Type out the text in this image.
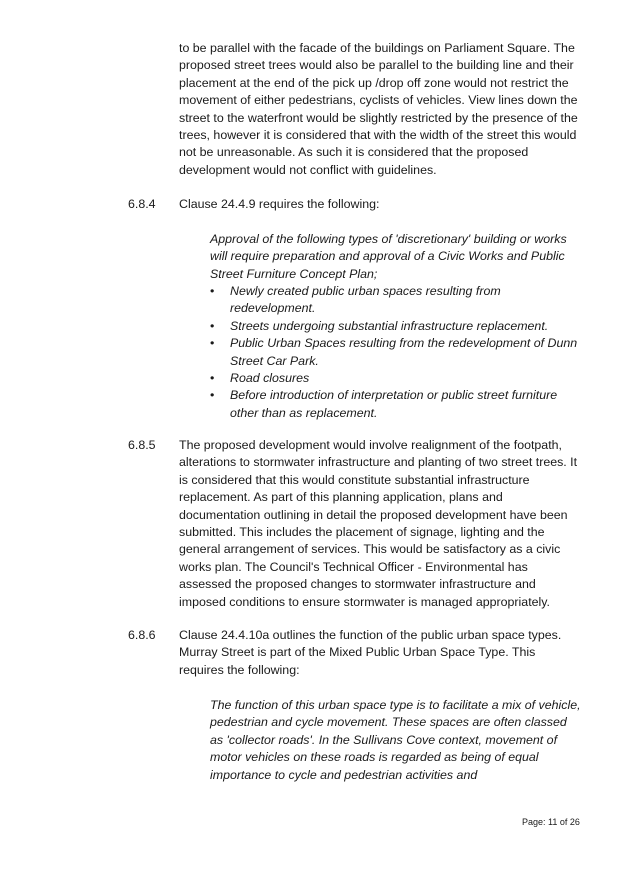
to be parallel with the facade of the buildings on Parliament Square. The proposed street trees would also be parallel to the building line and their placement at the end of the pick up /drop off zone would not restrict the movement of either pedestrians, cyclists of vehicles. View lines down the street to the waterfront would be slightly restricted by the presence of the trees, however it is considered that with the width of the street this would not be unreasonable. As such it is considered that the proposed development would not conflict with guidelines.

6.8.4 Clause 24.4.9 requires the following:

Approval of the following types of 'discretionary' building or works will require preparation and approval of a Civic Works and Public Street Furniture Concept Plan;

• Newly created public urban spaces resulting from redevelopment.
• Streets undergoing substantial infrastructure replacement.
• Public Urban Spaces resulting from the redevelopment of Dunn Street Car Park.
• Road closures
• Before introduction of interpretation or public street furniture other than as replacement.

6.8.5 The proposed development would involve realignment of the footpath, alterations to stormwater infrastructure and planting of two street trees. It is considered that this would constitute substantial infrastructure replacement. As part of this planning application, plans and documentation outlining in detail the proposed development have been submitted. This includes the placement of signage, lighting and the general arrangement of services. This would be satisfactory as a civic works plan. The Council's Technical Officer - Environmental has assessed the proposed changes to stormwater infrastructure and imposed conditions to ensure stormwater is managed appropriately.

6.8.6 Clause 24.4.10a outlines the function of the public urban space types. Murray Street is part of the Mixed Public Urban Space Type. This requires the following:

The function of this urban space type is to facilitate a mix of vehicle, pedestrian and cycle movement. These spaces are often classed as 'collector roads'. In the Sullivans Cove context, movement of motor vehicles on these roads is regarded as being of equal importance to cycle and pedestrian activities and

Page: 11 of 26
